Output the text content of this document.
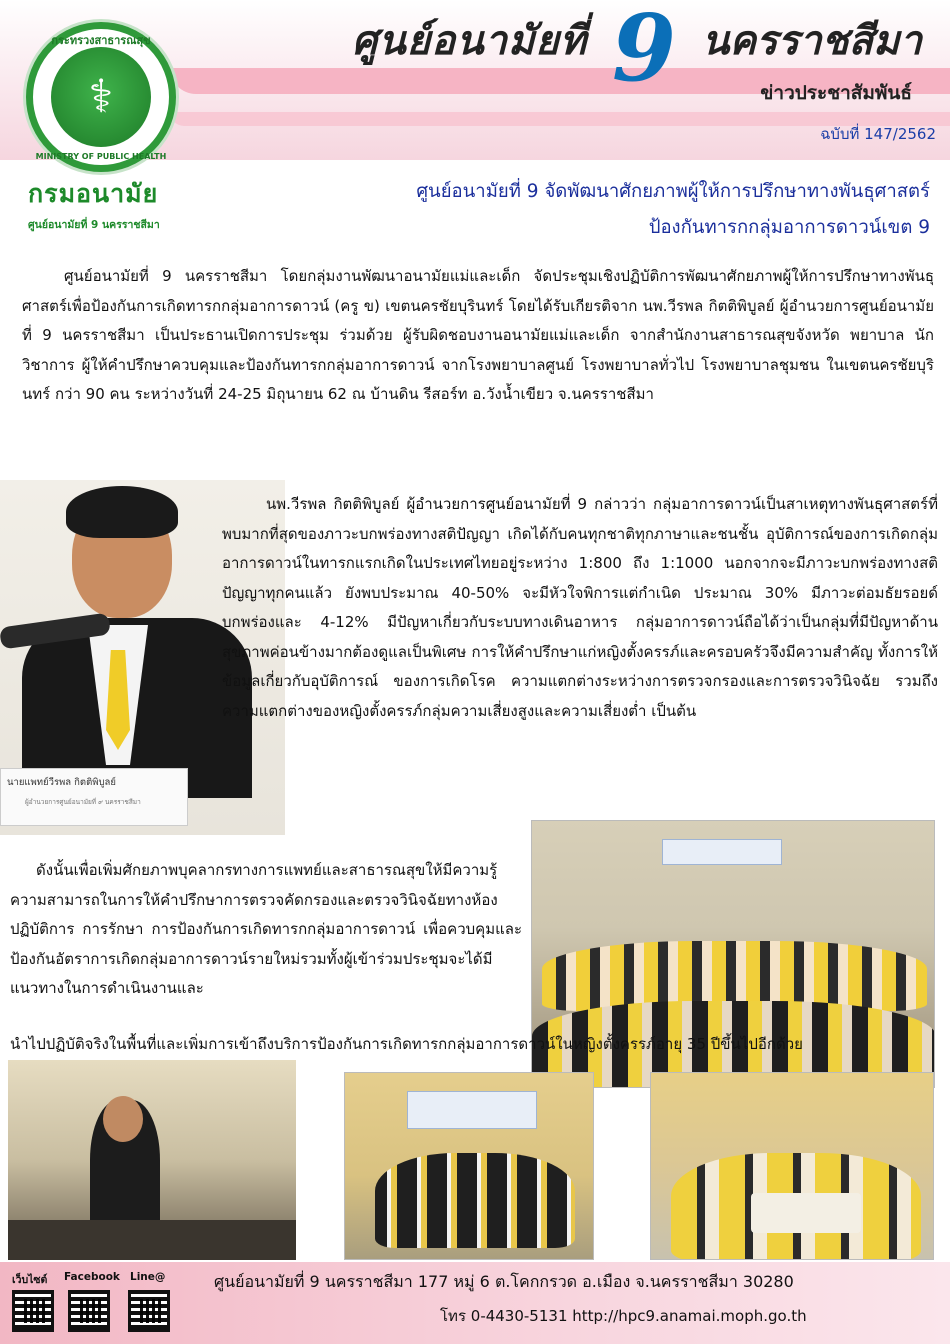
กระทรวงสาธารณสุข
⚕
MINISTRY OF PUBLIC HEALTH
กรมอนามัย
ศูนย์อนามัยที่ 9 นครราชสีมา
ศูนย์อนามัยที่ 9 นครราชสีมา
ข่าวประชาสัมพันธ์
ฉบับที่ 147/2562
ศูนย์อนามัยที่ 9 จัดพัฒนาศักยภาพผู้ให้การปรึกษาทางพันธุศาสตร์
ป้องกันทารกกลุ่มอาการดาวน์เขต 9

ศูนย์อนามัยที่ 9 นครราชสีมา โดยกลุ่มงานพัฒนาอนามัยแม่และเด็ก จัดประชุมเชิงปฏิบัติการพัฒนาศักยภาพผู้ให้การปรึกษาทางพันธุศาสตร์เพื่อป้องกันการเกิดทารกกลุ่มอาการดาวน์ (ครู ข) เขตนครชัยบุรินทร์ โดยได้รับเกียรติจาก นพ.วีรพล กิตติพิบูลย์ ผู้อำนวยการศูนย์อนามัยที่ 9 นครราชสีมา เป็นประธานเปิดการประชุม ร่วมด้วย ผู้รับผิดชอบงานอนามัยแม่และเด็ก จากสำนักงานสาธารณสุขจังหวัด พยาบาล นักวิชาการ ผู้ให้คำปรึกษาควบคุมและป้องกันทารกกลุ่มอาการดาวน์ จากโรงพยาบาลศูนย์ โรงพยาบาลทั่วไป โรงพยาบาลชุมชน ในเขตนครชัยบุรินทร์ กว่า 90 คน ระหว่างวันที่ 24-25 มิถุนายน 62 ณ บ้านดิน รีสอร์ท อ.วังน้ำเขียว จ.นครราชสีมา

นายแพทย์วีรพล กิตติพิบูลย์
ผู้อำนวยการศูนย์อนามัยที่ ๙ นครราชสีมา

นพ.วีรพล กิตติพิบูลย์ ผู้อำนวยการศูนย์อนามัยที่ 9 กล่าวว่า กลุ่มอาการดาวน์เป็นสาเหตุทางพันธุศาสตร์ที่พบมากที่สุดของภาวะบกพร่องทางสติปัญญา เกิดได้กับคนทุกชาติทุกภาษาและชนชั้น อุบัติการณ์ของการเกิดกลุ่มอาการดาวน์ในทารกแรกเกิดในประเทศไทยอยู่ระหว่าง 1:800 ถึง 1:1000 นอกจากจะมีภาวะบกพร่องทางสติปัญญาทุกคนแล้ว ยังพบประมาณ 40-50% จะมีหัวใจพิการแต่กำเนิด ประมาณ 30% มีภาวะต่อมธัยรอยด์บกพร่องและ 4-12% มีปัญหาเกี่ยวกับระบบทางเดินอาหาร กลุ่มอาการดาวน์ถือได้ว่าเป็นกลุ่มที่มีปัญหาด้านสุขภาพค่อนข้างมากต้องดูแลเป็นพิเศษ การให้คำปรึกษาแก่หญิงตั้งครรภ์และครอบครัวจึงมีความสำคัญ ทั้งการให้ข้อมูลเกี่ยวกับอุบัติการณ์ ของการเกิดโรค ความแตกต่างระหว่างการตรวจกรองและการตรวจวินิจฉัย รวมถึงความแตกต่างของหญิงตั้งครรภ์กลุ่มความเสี่ยงสูงและความเสี่ยงต่ำ เป็นต้น

ดังนั้นเพื่อเพิ่มศักยภาพบุคลากรทางการแพทย์และสาธารณสุขให้มีความรู้ความสามารถในการให้คำปรึกษาการตรวจคัดกรองและตรวจวินิจฉัยทางห้องปฏิบัติการ การรักษา การป้องกันการเกิดทารกกลุ่มอาการดาวน์ เพื่อควบคุมและป้องกันอัตราการเกิดกลุ่มอาการดาวน์รายใหม่รวมทั้งผู้เข้าร่วมประชุมจะได้มีแนวทางในการดำเนินงานและ

นำไปปฏิบัติจริงในพื้นที่และเพิ่มการเข้าถึงบริการป้องกันการเกิดทารกกลุ่มอาการดาวน์ในหญิงตั้งครรภ์อายุ 35 ปีขึ้นไปอีกด้วย

เว็บไซต์ Facebook Line@	ศูนย์อนามัยที่ 9 นครราชสีมา 177 หมู่ 6 ต.โคกกรวด อ.เมือง จ.นครราชสีมา 30280
โทร 0-4430-5131 http://hpc9.anamai.moph.go.th
